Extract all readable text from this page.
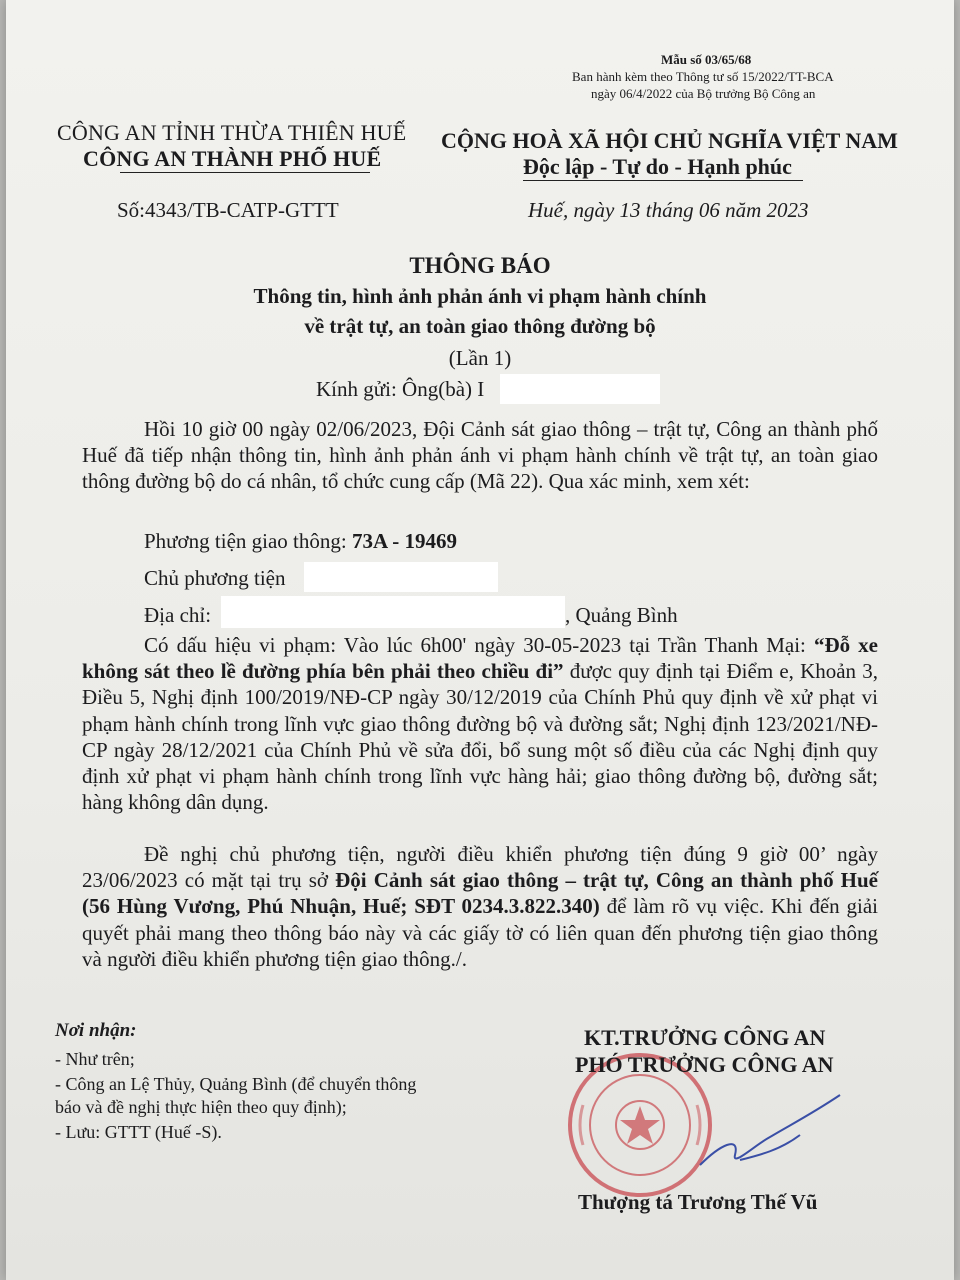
Mẫu số 03/65/68
Ban hành kèm theo Thông tư số 15/2022/TT-BCA
ngày 06/4/2022 của Bộ trưởng Bộ Công an
CÔNG AN TỈNH THỪA THIÊN HUẾ
CÔNG AN THÀNH PHỐ HUẾ
CỘNG HOÀ XÃ HỘI CHỦ NGHĨA VIỆT NAM
Độc lập - Tự do - Hạnh phúc
Số:4343/TB-CATP-GTTT	Huế, ngày 13 tháng 06 năm 2023
THÔNG BÁO
Thông tin, hình ảnh phản ánh vi phạm hành chính
về trật tự, an toàn giao thông đường bộ
(Lần 1)
Kính gửi: Ông(bà) I

Hồi 10 giờ 00 ngày 02/06/2023, Đội Cảnh sát giao thông – trật tự, Công an thành phố Huế đã tiếp nhận thông tin, hình ảnh phản ánh vi phạm hành chính về trật tự, an toàn giao thông đường bộ do cá nhân, tổ chức cung cấp (Mã 22). Qua xác minh, xem xét:

Phương tiện giao thông: 73A - 19469
Chủ phương tiện
Địa chỉ:	, Quảng Bình

Có dấu hiệu vi phạm: Vào lúc 6h00' ngày 30-05-2023 tại Trần Thanh Mại: “Đỗ xe không sát theo lề đường phía bên phải theo chiều đi” được quy định tại Điểm e, Khoản 3, Điều 5, Nghị định 100/2019/NĐ-CP ngày 30/12/2019 của Chính Phủ quy định về xử phạt vi phạm hành chính trong lĩnh vực giao thông đường bộ và đường sắt; Nghị định 123/2021/NĐ-CP ngày 28/12/2021 của Chính Phủ về sửa đổi, bổ sung một số điều của các Nghị định quy định xử phạt vi phạm hành chính trong lĩnh vực hàng hải; giao thông đường bộ, đường sắt; hàng không dân dụng.

Đề nghị chủ phương tiện, người điều khiển phương tiện đúng 9 giờ 00’ ngày 23/06/2023 có mặt tại trụ sở Đội Cảnh sát giao thông – trật tự, Công an thành phố Huế (56 Hùng Vương, Phú Nhuận, Huế; SĐT 0234.3.822.340) để làm rõ vụ việc. Khi đến giải quyết phải mang theo thông báo này và các giấy tờ có liên quan đến phương tiện giao thông và người điều khiển phương tiện giao thông./.

Nơi nhận:
- Như trên;
- Công an Lệ Thủy, Quảng Bình (để chuyển thông
báo và đề nghị thực hiện theo quy định);
- Lưu: GTTT (Huế -S).
KT.TRƯỞNG CÔNG AN
PHÓ TRƯỞNG CÔNG AN
Thượng tá Trương Thế Vũ
